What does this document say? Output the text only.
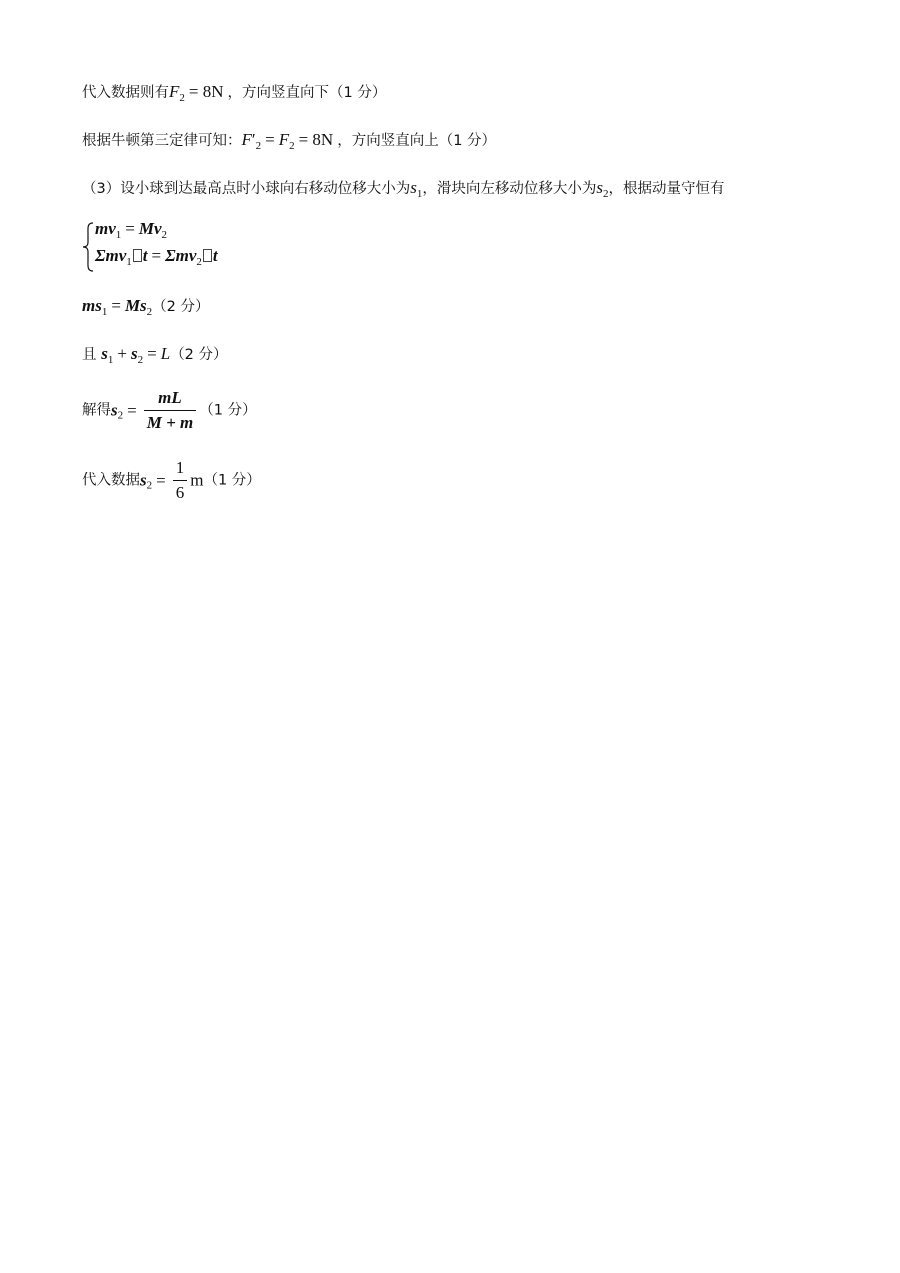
代入数据则有$F_2 = 8N$ ，方向竖直向下（1 分）
根据牛顿第三定律可知：$F'_2 = F_2 = 8N$ ，方向竖直向上（1 分）
（3）设小球到达最高点时小球向右移动位移大小为$s_1$，滑块向左移动位移大小为$s_2$，根据动量守恒有
$mv_1 = Mv_2$
Σmv$_1$ t = Σmv$_2$ t
$ms_1 = Ms_2(2$ 分）
且 $s_1 + s_2 = L(2$ 分）
解得$s_2 = \frac{mL}{M + m} (1$ 分）
代入数据$s_2 = \frac{1}{6} m(1$ 分）
